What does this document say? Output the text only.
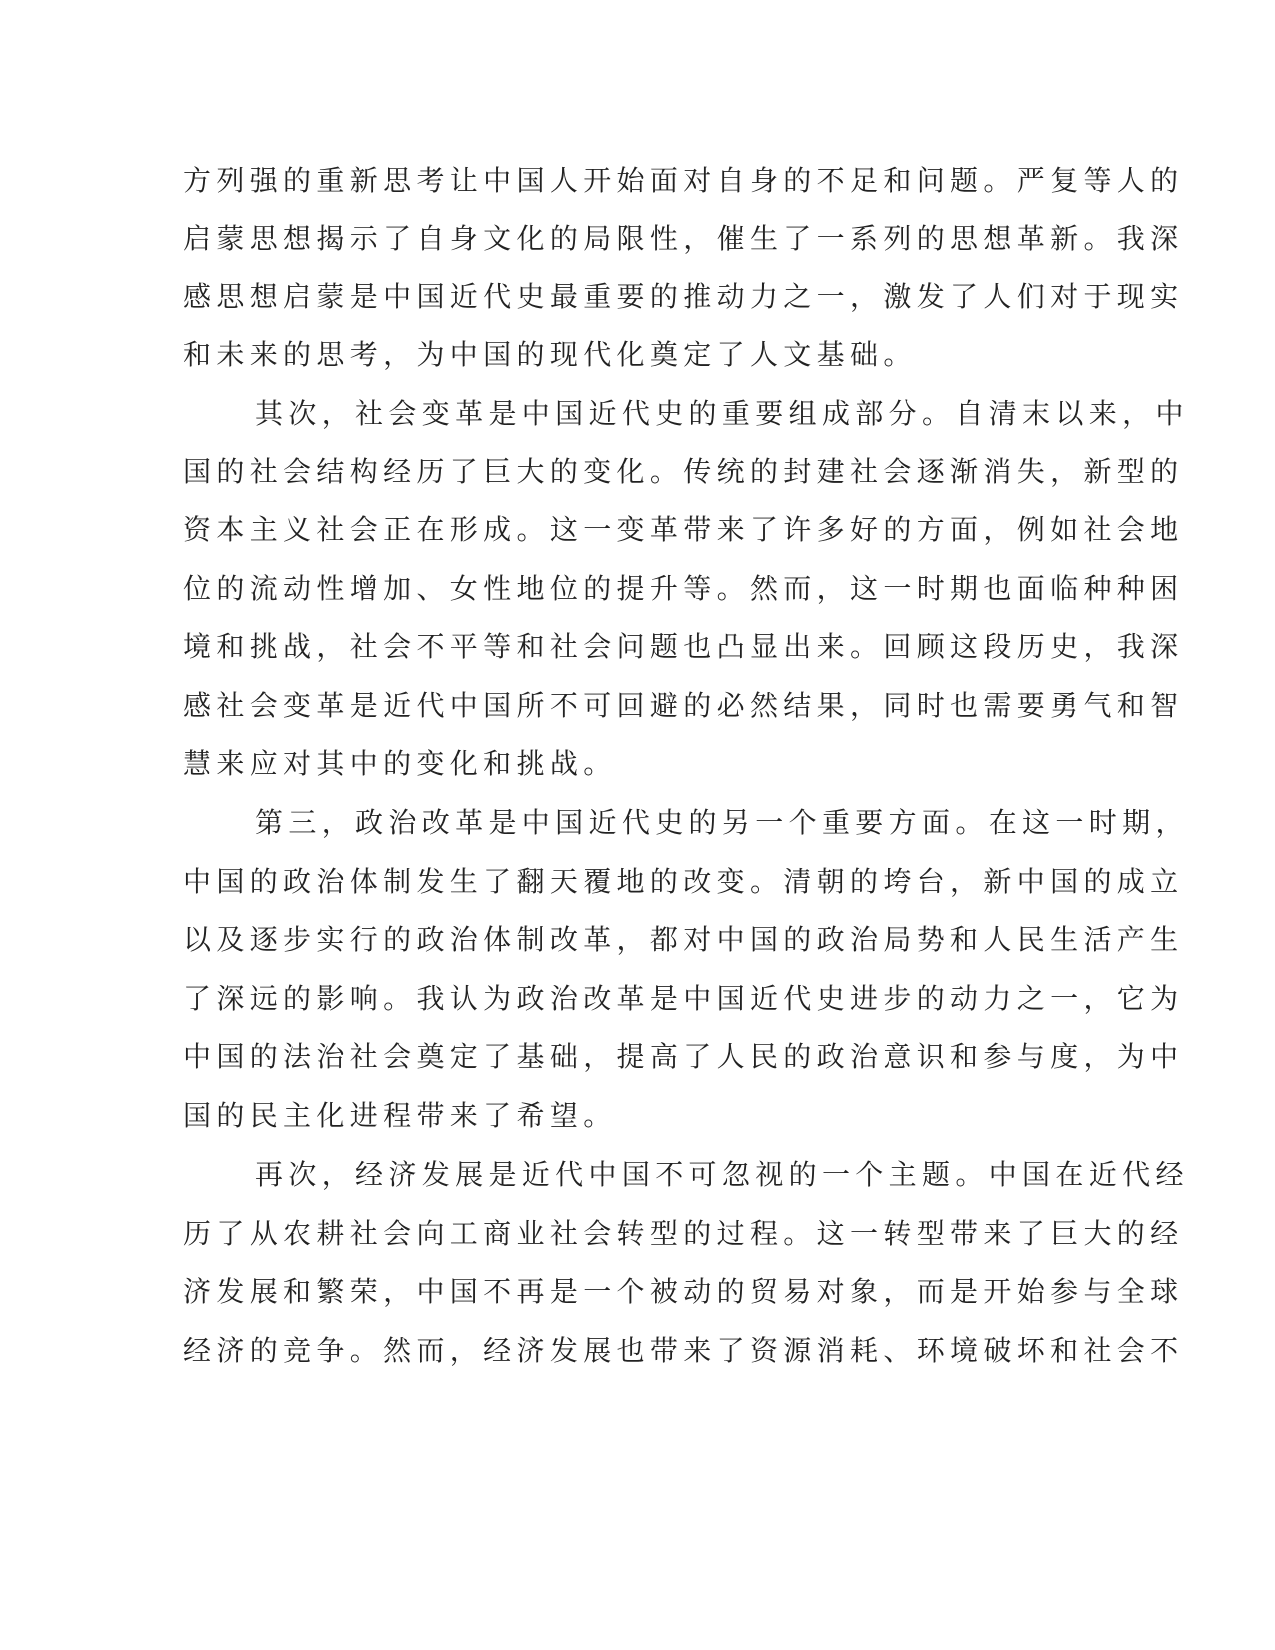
方列强的重新思考让中国人开始面对自身的不足和问题。严复等人的
启蒙思想揭示了自身文化的局限性，催生了一系列的思想革新。我深
感思想启蒙是中国近代史最重要的推动力之一，激发了人们对于现实
和未来的思考，为中国的现代化奠定了人文基础。
其次，社会变革是中国近代史的重要组成部分。自清末以来，中
国的社会结构经历了巨大的变化。传统的封建社会逐渐消失，新型的
资本主义社会正在形成。这一变革带来了许多好的方面，例如社会地
位的流动性增加、女性地位的提升等。然而，这一时期也面临种种困
境和挑战，社会不平等和社会问题也凸显出来。回顾这段历史，我深
感社会变革是近代中国所不可回避的必然结果，同时也需要勇气和智
慧来应对其中的变化和挑战。
第三，政治改革是中国近代史的另一个重要方面。在这一时期，
中国的政治体制发生了翻天覆地的改变。清朝的垮台，新中国的成立
以及逐步实行的政治体制改革，都对中国的政治局势和人民生活产生
了深远的影响。我认为政治改革是中国近代史进步的动力之一，它为
中国的法治社会奠定了基础，提高了人民的政治意识和参与度，为中
国的民主化进程带来了希望。
再次，经济发展是近代中国不可忽视的一个主题。中国在近代经
历了从农耕社会向工商业社会转型的过程。这一转型带来了巨大的经
济发展和繁荣，中国不再是一个被动的贸易对象，而是开始参与全球
经济的竞争。然而，经济发展也带来了资源消耗、环境破坏和社会不
